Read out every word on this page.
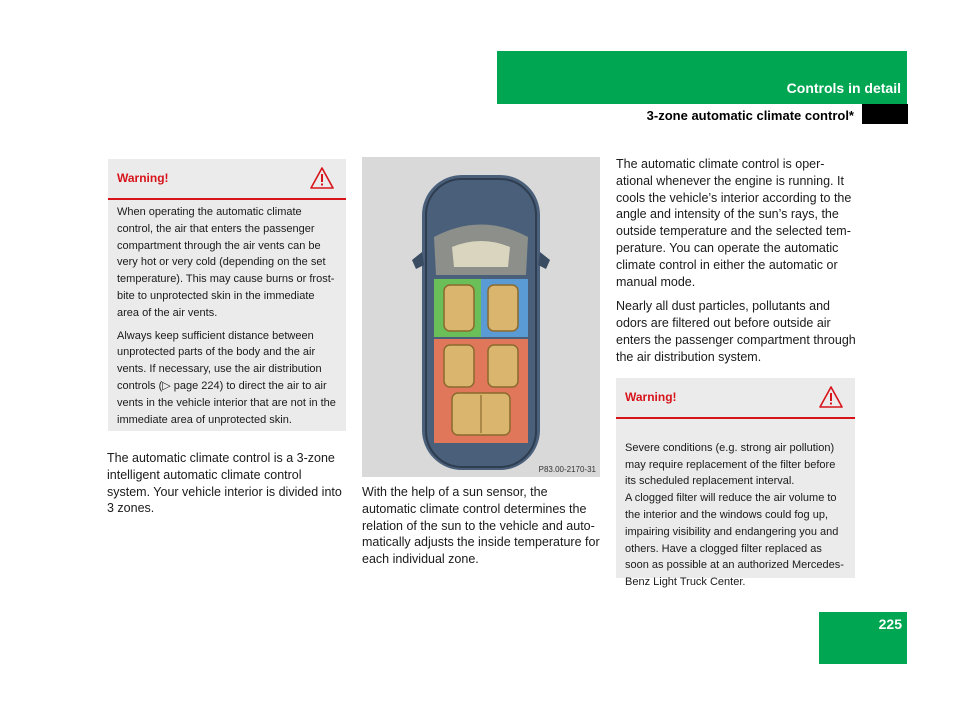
Controls in detail
3-zone automatic climate control*
Warning!

When operating the automatic climate control, the air that enters the passenger compartment through the air vents can be very hot or very cold (depending on the set temperature). This may cause burns or frost-bite to unprotected skin in the immediate area of the air vents.

Always keep sufficient distance between unprotected parts of the body and the air vents. If necessary, use the air distribution controls (▷ page 224) to direct the air to air vents in the vehicle interior that are not in the immediate area of unprotected skin.

The automatic climate control is a 3-zone intelligent automatic climate control system. Your vehicle interior is divided into 3 zones.

P83.00-2170-31

With the help of a sun sensor, the automatic climate control determines the relation of the sun to the vehicle and auto-matically adjusts the inside temperature for each individual zone.

The automatic climate control is oper-ational whenever the engine is running. It cools the vehicle’s interior according to the angle and intensity of the sun’s rays, the outside temperature and the selected tem-perature. You can operate the automatic climate control in either the automatic or manual mode.

Nearly all dust particles, pollutants and odors are filtered out before outside air enters the passenger compartment through the air distribution system.

Warning!

Severe conditions (e.g. strong air pollution) may require replacement of the filter before its scheduled replacement interval.
A clogged filter will reduce the air volume to the interior and the windows could fog up, impairing visibility and endangering you and others. Have a clogged filter replaced as soon as possible at an authorized Mercedes-Benz Light Truck Center.

225
